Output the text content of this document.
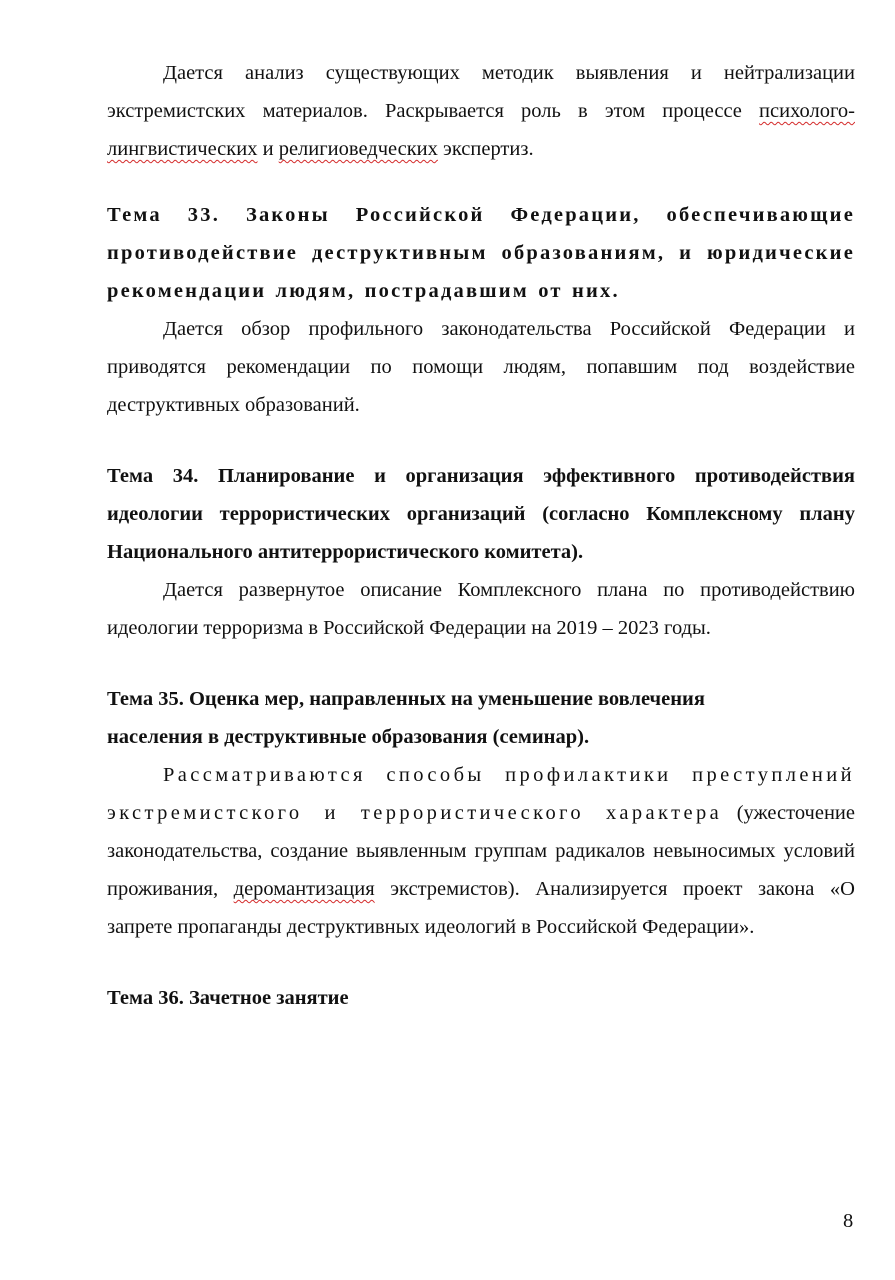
Дается анализ существующих методик выявления и нейтрализации экстремистских материалов. Раскрывается роль в этом процессе психолого-лингвистических и религиоведческих экспертиз.

Тема 33. Законы Российской Федерации, обеспечивающие противодействие деструктивным образованиям, и юридические рекомендации людям, пострадавшим от них.

Дается обзор профильного законодательства Российской Федерации и приводятся рекомендации по помощи людям, попавшим под воздействие деструктивных образований.

Тема 34. Планирование и организация эффективного противодействия идеологии террористических организаций (согласно Комплексному плану Национального антитеррористического комитета).

Дается развернутое описание Комплексного плана по противодействию идеологии терроризма в Российской Федерации на 2019 – 2023 годы.

Тема 35. Оценка мер, направленных на уменьшение вовлечения
населения в деструктивные образования (семинар).

Рассматриваются способы профилактики преступлений экстремистского и террористического характера (ужесточение законодательства, создание выявленным группам радикалов невыносимых условий проживания, деромантизация экстремистов). Анализируется проект закона «О запрете пропаганды деструктивных идеологий в Российской Федерации».

Тема 36. Зачетное занятие

8
